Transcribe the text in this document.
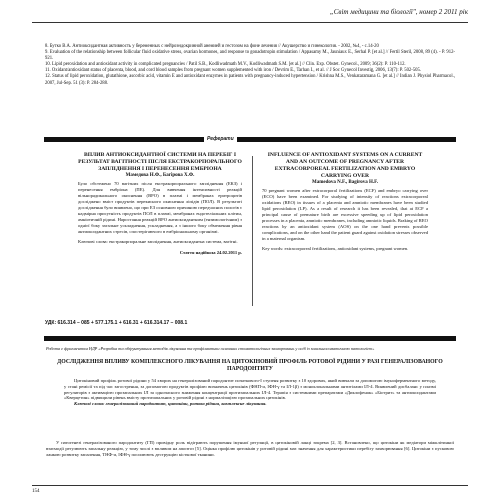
„Світ медицини та біології", номер 2 2011 рік

8. Бутко В.А. Антиоксидантная активность у беременных с нейроэндокринной анемией и гестозом на фоне лечения // Акушерство и гинекология. - 2002, №4, - с.14-20

9. Evaluation of the relationship between follicular fluid oxidative stress, ovarian hormones, and response to gonadotropin stimulation / Appasamy M., Jauniaux E., Serhal P. [et al.] // Fertil Steril, 2008, 89 (4). - P. 912-921.

10. Lipid peroxidation and antioxidant activity in complicated pregnancies / Patil S.B., Kodliwadmath M.V., Kodliwadmath S.M. [et al.] // Clin. Exp. Obstet. Gynecol., 2009; 36(2): P. 110-112.

11. Oxidant/antioxidant status of placenta, blood, and cord blood samples from pregnant women supplemented with iron / Devrim E., Tarhan I., et al. // J Soc Gynecol Investig, 2006, 13(7): P. 502-505.

12. Status of lipid peroxidation, glutathione, ascorbic acid, vitamin E and antioxidant enzymes in patients with pregnancy-induced hypertension / Krishna M.S., Venkataramana G. [et al.] // Indian J. Physiol Pharmacol., 2007, Jul-Sep. 51 (3): P. 284-288.

Реферати
ВПЛИВ АНТИОКСИДАНТНОЇ СИСТЕМИ НА ПЕРЕБІГ І РЕЗУЛЬТАТ ВАГІТНОСТІ ПІСЛЯ ЕКСТРАКОРПОРАЛЬНОГО ЗАПЛІДНЕННЯ І ПЕРЕНЕСЕННЯ ЕМБРІОНА
Мамедова Н.Ф., Багірова Х.Ф.

Було обстежено 70 вагітних після екстракорпорального запліднення (ЕКЗ) і перенесення ембріона (ПЕ). Для вивчення інтенсивності реакцій вільнорадикального окиснення (ВРО) в плазмі і мембранах еритроцитів досліджено вміст продуктів перекисного окиснення ліпідів (ПОЛ). В результаті дослідження було виявлено, що при ЕЗ основною причиною передчасних пологів є надмірна присутність продуктів ПОЛ в плазмі, мембранах ендотеліальних клітин, амніотичній рідині. Наростання реакцій ВРО антиоксидантним (ензимологічним) з однієї боку загальне ускладнення, ускладнення, а з іншого боку обмеження рівня антиоксидантних стресів, спостерігаючого в ембріональному організмі.

Ключові слова: екстракорпоральне запліднення, антиоксидантна система, вагітні.

Стаття надійшла 24.02.2011 р.
INFLUENCE OF ANTIOXIDANT SYSTEMS ON A CURRENT AND AN OUTCOME OF PREGNANCY AFTER EXTRACORPOREAL FERTILIZATION AND EMBRYO CARRYING OVER
Mamedova N.F., Bagirova H.F.

70 pregnant women after extracorporal fertilizations (ECF) and embryo carrying over (ECO) have been examined. For studying of intensity of reactions extracorporeal oxidations (REO) in tissues of a placenta and amniotic membranes have been studied lipid peroxidation (LP). As a result of research it has been revealed, that at ECF a principal cause of premature birth are excessive speeding up of lipid peroxidation processes in a placenta, amniotic membranes, including amniotic liquids. Braking of REO reactions by an antioxidant system (AOS) on the one hand prevents possible complications, and on the other hand the patient guard against oxidation stresses observed in a maternal organism.

Key words: extracorporeal fertilizations, antioxidant systems, pregnant women.

УДК: 616.314 – 085 + 577.175.1 + 616.31 + 616.314.17 – 008.1
Робота є фрагментом НДР «Розробка та обґрунтування методів лікування та профілактики основних стоматологічних захворювань у осіб із загальносоматичною патологією»
ДОСЛІДЖЕННЯ ВПЛИВУ КОМПЛЕКСНОГО ЛІКУВАННЯ НА ЦИТОКІНОВИЙ ПРОФІЛЬ РОТОВОЇ РІДИНИ У РАЗІ ГЕНЕРАЛІЗОВАНОГО ПАРОДОНТИТУ

Цитокіновий профіль ротової рідини у 54 хворих на генералізований пародонтит початкового-І ступеня розвитку з 10 здорових, який вивчали за допомогою імуноферментного методу, у стані ремісії та під час загострення, за допомогою продуктів профілю визначень цитокінів (ФНП-α, ІФН-γ та ІЛ-1β) з моноклональними антитілами ІЛ-4. Виявлений дисбаланс у плазмі регуляторів з активацією прозапальних ІЛ за одночасного зниження концентрації протизапальних ІЛ-4. Терапія з системними препаратами «Диклофенак» «Біотрит» та антиоксидантами «Кверцетин» підвищили рівень вмісту протизапальних у ротовій рідині з нормалізацією прозапальних цитокінів.

Ключові слова: генералізований пародонтит, цитокіни, ротова рідина, комплексне лікування.

У патогенезі генералізованого пародонтиту (ГП) провідну роль відіграють порушення імунної регуляції, в цитокіновій ланці зокрема [2, 3]. Встановлено, що цитокіни як медіатори міжклітинної взаємодії регулюють запальну реакцію, у тому числі з впливом на апоптоз [5]. Оцінка профілю цитокінів у ротовій рідині має значення для характеристики перебігу захворювання [6]. Цитокіни є пусковою ланкою розвитку запалення, ТНФ-α, ІФН-γ посилюють деструкцію кісткової тканини.

154
